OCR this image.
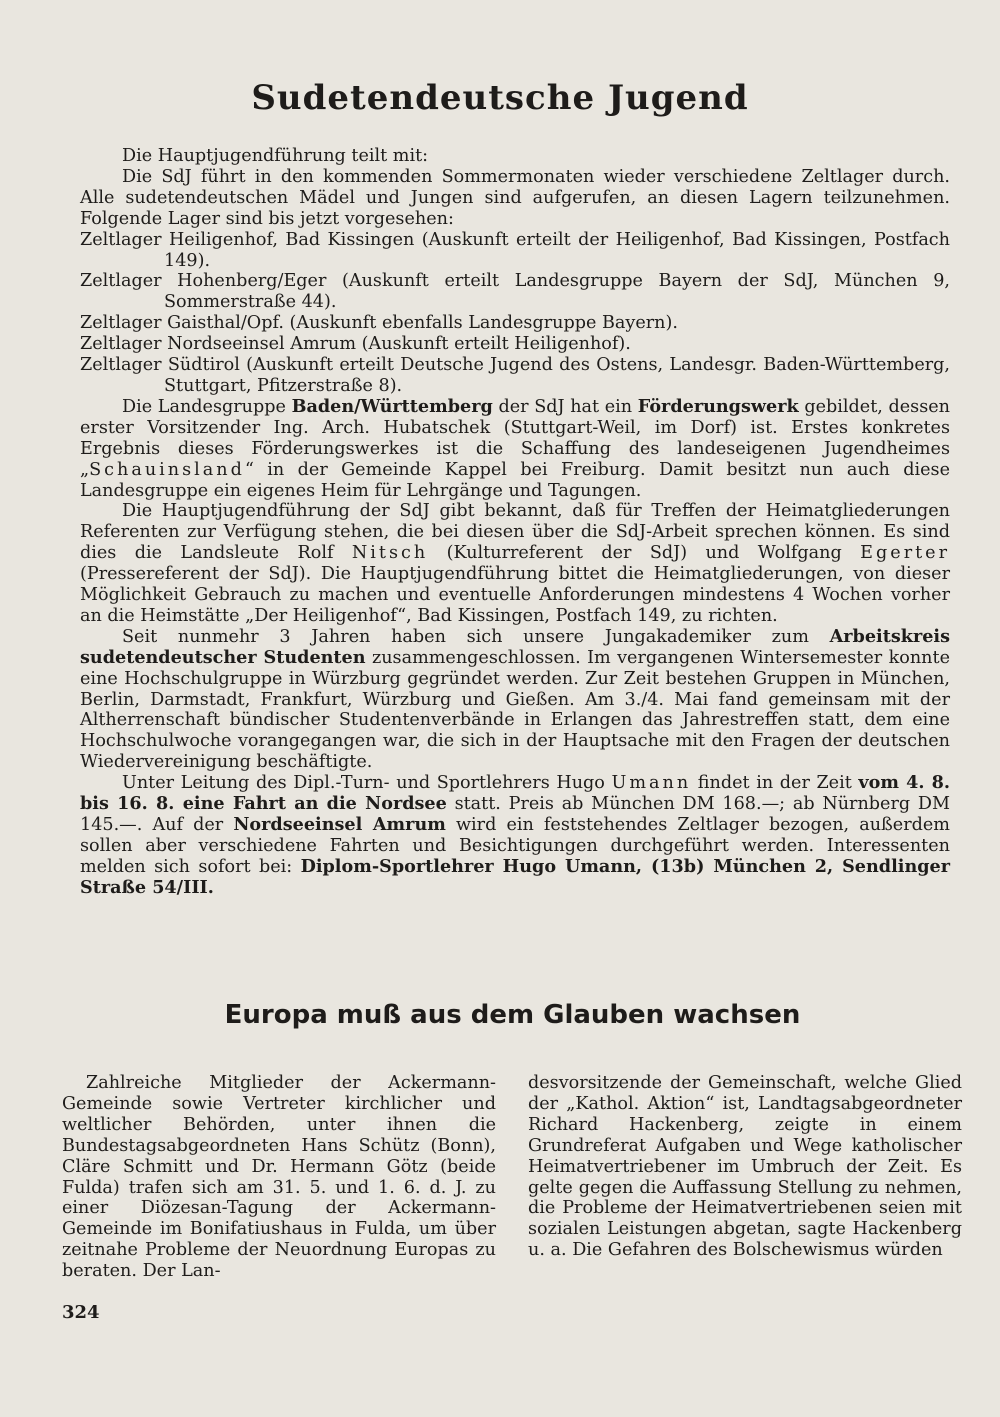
Sudetendeutsche Jugend

Die Hauptjugendführung teilt mit:

Die SdJ führt in den kommenden Sommermonaten wieder verschiedene Zeltlager durch. Alle sudetendeutschen Mädel und Jungen sind aufgerufen, an diesen Lagern teilzunehmen. Folgende Lager sind bis jetzt vorgesehen:

Zeltlager Heiligenhof, Bad Kissingen (Auskunft erteilt der Heiligenhof, Bad Kissingen, Postfach 149).

Zeltlager Hohenberg/Eger (Auskunft erteilt Landesgruppe Bayern der SdJ, München 9, Sommerstraße 44).

Zeltlager Gaisthal/Opf. (Auskunft ebenfalls Landesgruppe Bayern).

Zeltlager Nordseeinsel Amrum (Auskunft erteilt Heiligenhof).

Zeltlager Südtirol (Auskunft erteilt Deutsche Jugend des Ostens, Landesgr. Baden-Württemberg, Stuttgart, Pfitzerstraße 8).

Die Landesgruppe Baden/Württemberg der SdJ hat ein Förderungswerk gebildet, dessen erster Vorsitzender Ing. Arch. Hubatschek (Stuttgart-Weil, im Dorf) ist. Erstes konkretes Ergebnis dieses Förderungswerkes ist die Schaffung des landeseigenen Jugendheimes „Schauinsland“ in der Gemeinde Kappel bei Freiburg. Damit besitzt nun auch diese Landesgruppe ein eigenes Heim für Lehrgänge und Tagungen.

Die Hauptjugendführung der SdJ gibt bekannt, daß für Treffen der Heimatgliederungen Referenten zur Verfügung stehen, die bei diesen über die SdJ-Arbeit sprechen können. Es sind dies die Landsleute Rolf Nitsch (Kulturreferent der SdJ) und Wolfgang Egerter (Pressereferent der SdJ). Die Hauptjugendführung bittet die Heimatgliederungen, von dieser Möglichkeit Gebrauch zu machen und eventuelle Anforderungen mindestens 4 Wochen vorher an die Heimstätte „Der Heiligenhof“, Bad Kissingen, Postfach 149, zu richten.

Seit nunmehr 3 Jahren haben sich unsere Jungakademiker zum Arbeitskreis sudetendeutscher Studenten zusammengeschlossen. Im vergangenen Wintersemester konnte eine Hochschulgruppe in Würzburg gegründet werden. Zur Zeit bestehen Gruppen in München, Berlin, Darmstadt, Frankfurt, Würzburg und Gießen. Am 3./4. Mai fand gemeinsam mit der Altherrenschaft bündischer Studentenverbände in Erlangen das Jahrestreffen statt, dem eine Hochschulwoche vorangegangen war, die sich in der Hauptsache mit den Fragen der deutschen Wiedervereinigung beschäftigte.

Unter Leitung des Dipl.-Turn- und Sportlehrers Hugo Umann findet in der Zeit vom 4. 8. bis 16. 8. eine Fahrt an die Nordsee statt. Preis ab München DM 168.—; ab Nürnberg DM 145.—. Auf der Nordseeinsel Amrum wird ein feststehendes Zeltlager bezogen, außerdem sollen aber verschiedene Fahrten und Besichtigungen durchgeführt werden. Interessenten melden sich sofort bei: Diplom-Sportlehrer Hugo Umann, (13b) München 2, Sendlinger Straße 54/III.

Europa muß aus dem Glauben wachsen

Zahlreiche Mitglieder der Ackermann-Gemeinde sowie Vertreter kirchlicher und weltlicher Behörden, unter ihnen die Bundestagsabgeordneten Hans Schütz (Bonn), Cläre Schmitt und Dr. Hermann Götz (beide Fulda) trafen sich am 31. 5. und 1. 6. d. J. zu einer Diözesan-Tagung der Ackermann-Gemeinde im Bonifatiushaus in Fulda, um über zeitnahe Probleme der Neuordnung Europas zu beraten. Der Lan-

desvorsitzende der Gemeinschaft, welche Glied der „Kathol. Aktion“ ist, Landtagsabgeordneter Richard Hackenberg, zeigte in einem Grundreferat Aufgaben und Wege katholischer Heimatvertriebener im Umbruch der Zeit. Es gelte gegen die Auffassung Stellung zu nehmen, die Probleme der Heimatvertriebenen seien mit sozialen Leistungen abgetan, sagte Hackenberg u. a. Die Gefahren des Bolschewismus würden

324
